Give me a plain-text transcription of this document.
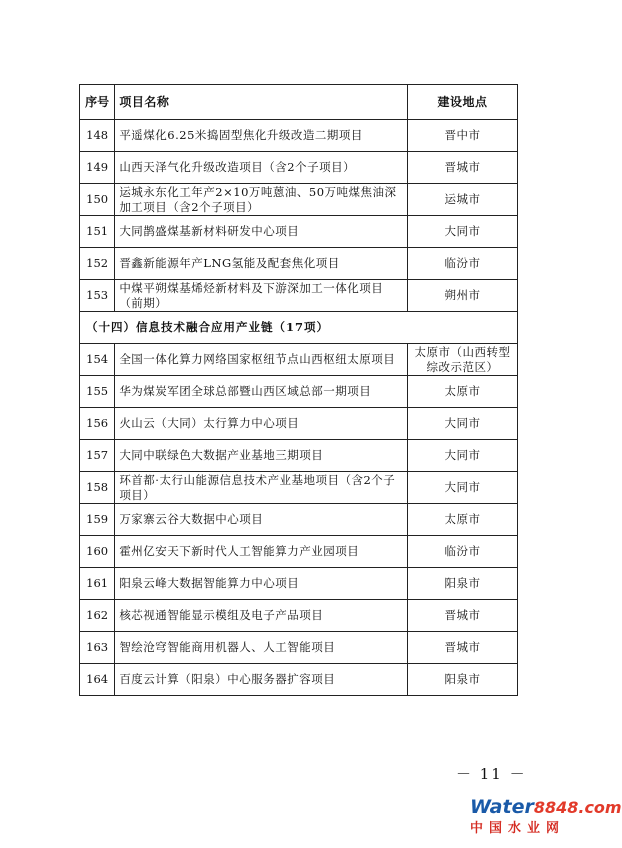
序号	项目名称	建设地点
148	平遥煤化6.25米捣固型焦化升级改造二期项目	晋中市
149	山西天泽气化升级改造项目（含2个子项目）	晋城市
150	运城永东化工年产2×10万吨蒽油、50万吨煤焦油深加工项目（含2个子项目）	运城市
151	大同鹊盛煤基新材料研发中心项目	大同市
152	晋鑫新能源年产LNG氢能及配套焦化项目	临汾市
153	中煤平朔煤基烯烃新材料及下游深加工一体化项目（前期）	朔州市
（十四）信息技术融合应用产业链（17项）		
154	全国一体化算力网络国家枢纽节点山西枢纽太原项目	太原市（山西转型综改示范区）
155	华为煤炭军团全球总部暨山西区域总部一期项目	太原市
156	火山云（大同）太行算力中心项目	大同市
157	大同中联绿色大数据产业基地三期项目	大同市
158	环首都·太行山能源信息技术产业基地项目（含2个子项目）	大同市
159	万家寨云谷大数据中心项目	太原市
160	霍州亿安天下新时代人工智能算力产业园项目	临汾市
161	阳泉云峰大数据智能算力中心项目	阳泉市
162	核芯视通智能显示模组及电子产品项目	晋城市
163	智绘沧穹智能商用机器人、人工智能项目	晋城市
164	百度云计算（阳泉）中心服务器扩容项目	阳泉市
－ 11 －
Water8848.com
中国水业网
